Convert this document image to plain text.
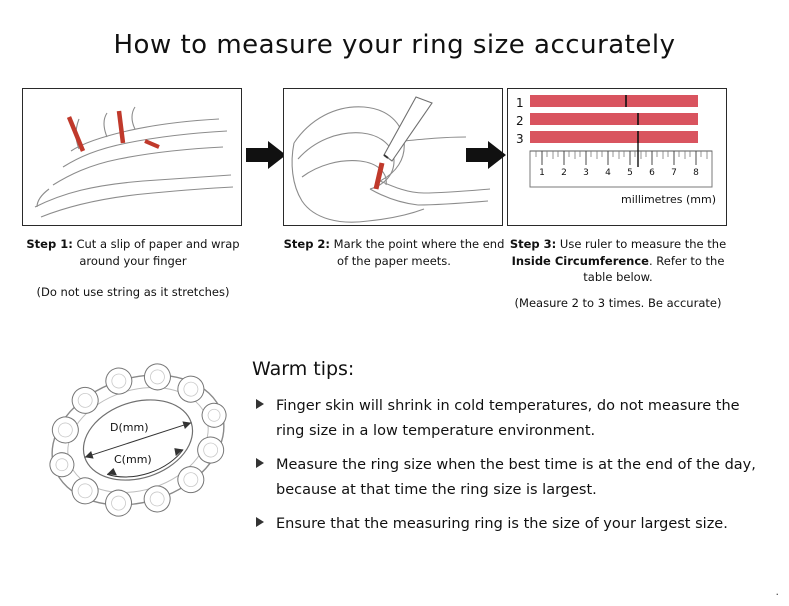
How to measure your ring size accurately
Step 1: Cut a slip of paper and wrap around your finger
(Do not use string as it stretches)
Step 2: Mark the point where the end of the paper meets.
1
2
3
1 2 3 4 5 6 7 8
millimetres (mm)
Step 3: Use ruler to measure the the Inside Circumference. Refer to the table below.
(Measure 2 to 3 times. Be accurate)
D(mm)
C(mm)
Warm tips:
Finger skin will shrink in cold temperatures, do not measure the ring size in a low temperature environment.
Measure the ring size when the best time is at the end of the day, because at that time the ring size is largest.
Ensure that the measuring ring is the size of your largest size.
.
